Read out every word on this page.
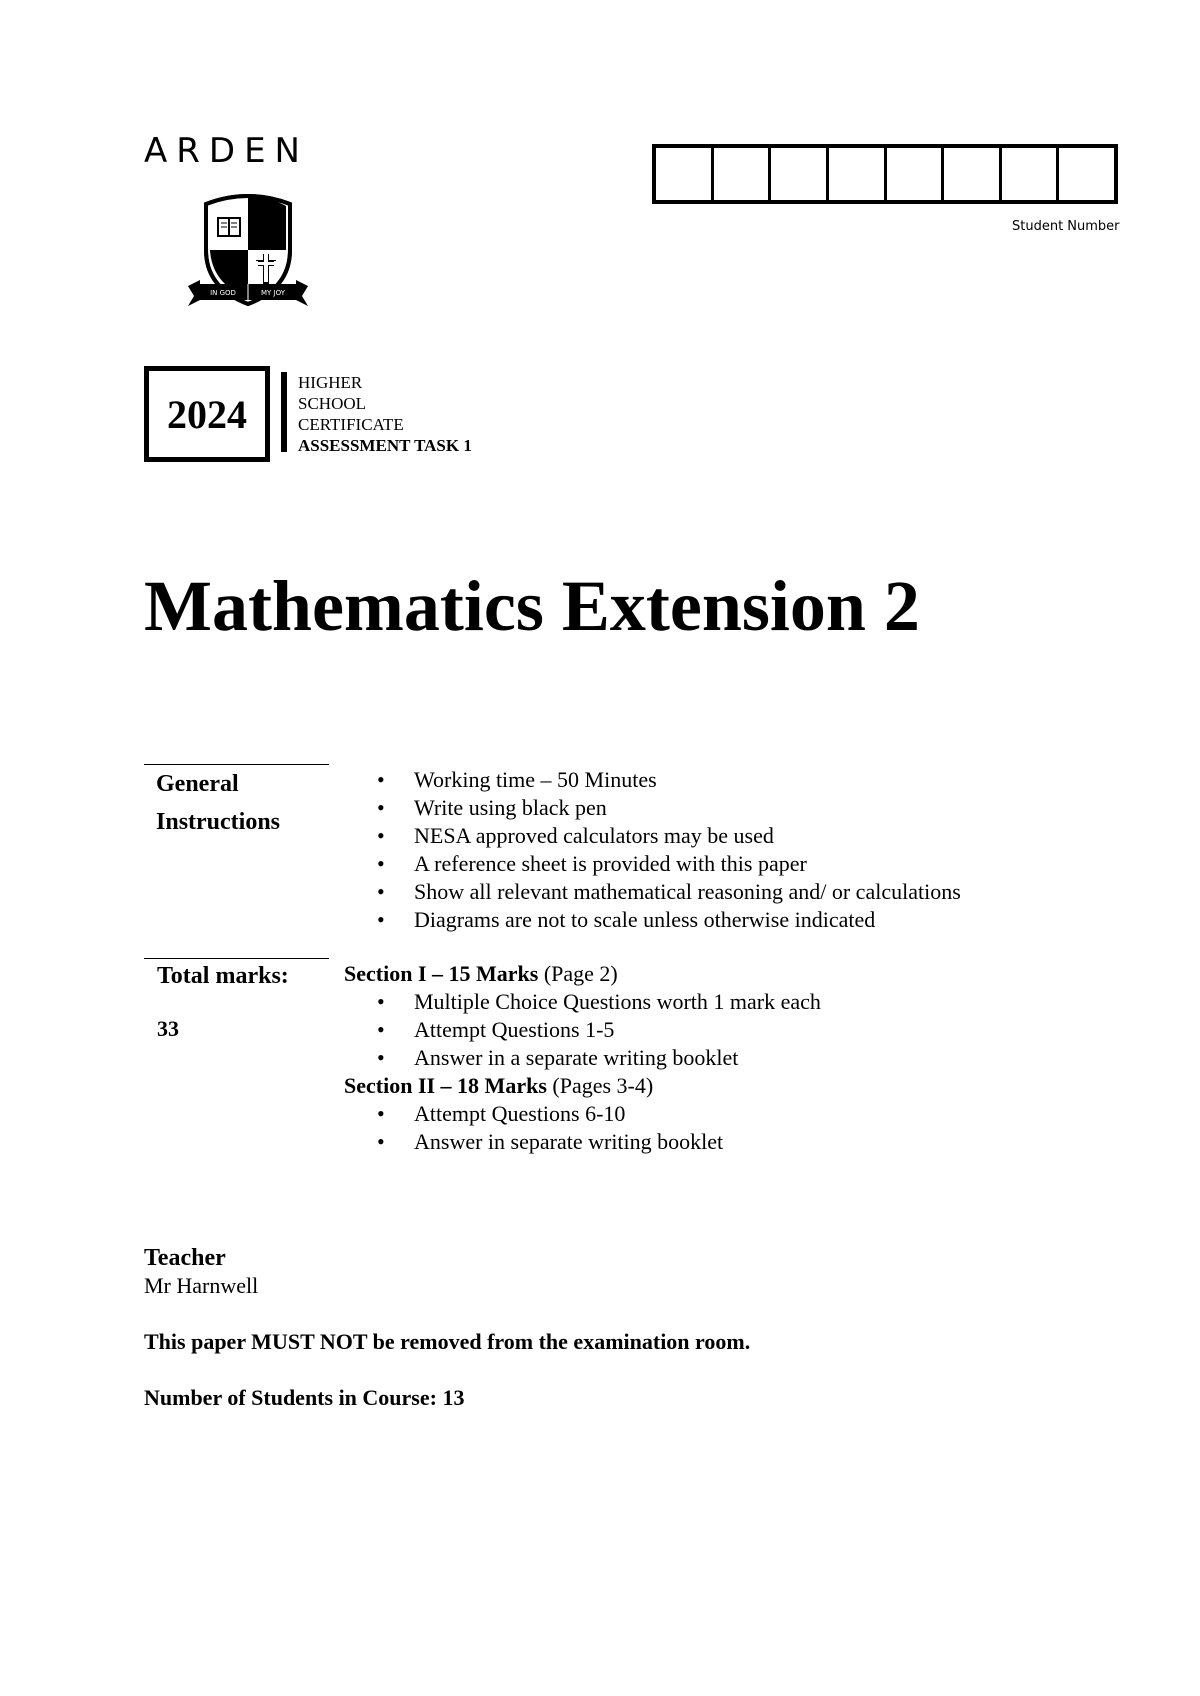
ARDEN
IN GOD	MY JOY
Student Number
2024
HIGHER
SCHOOL
CERTIFICATE
ASSESSMENT TASK 1
Mathematics Extension 2
General
Instructions
• Working time – 50 Minutes
• Write using black pen
• NESA approved calculators may be used
• A reference sheet is provided with this paper
• Show all relevant mathematical reasoning and/ or calculations
• Diagrams are not to scale unless otherwise indicated
Total marks:
33
Section I – 15 Marks (Page 2)
• Multiple Choice Questions worth 1 mark each
• Attempt Questions 1-5
• Answer in a separate writing booklet
Section II – 18 Marks (Pages 3-4)
• Attempt Questions 6-10
• Answer in separate writing booklet
Teacher
Mr Harnwell
This paper MUST NOT be removed from the examination room.
Number of Students in Course: 13
